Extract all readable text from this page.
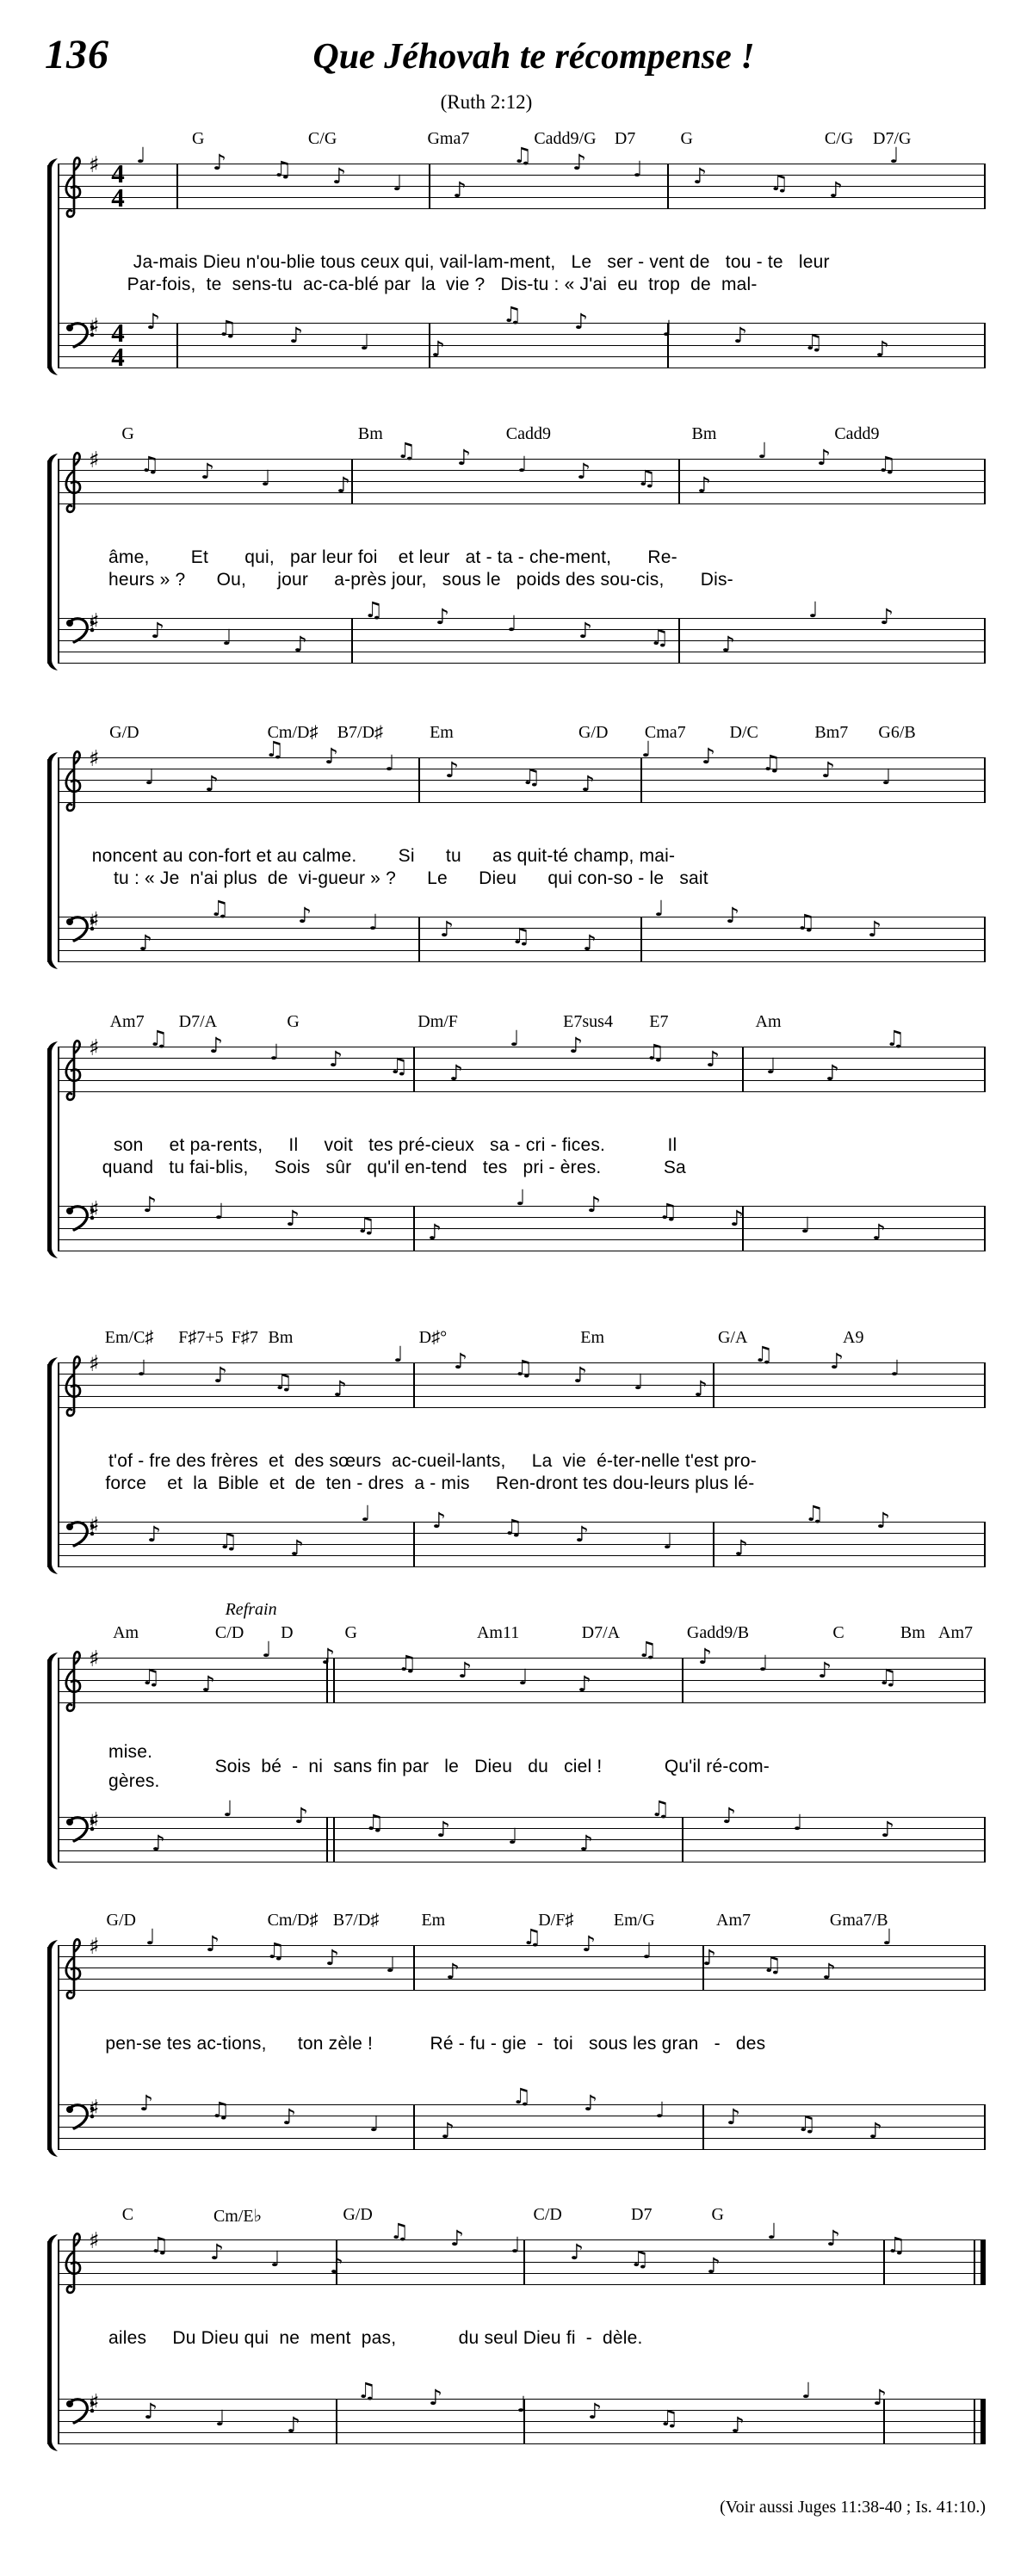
136	Que Jéhovah te récompense !
(Ruth 2:12)
G	C/G	Gma7	Cadd9/G D7	G	C/G D7/G
♯ 4
4
♩	♪ ♫ ♪ ♩ ♪
♫ ♪ ♩ ♪	♫ ♪
♩
Ja-mais Dieu n'ou-blie tous ceux qui, vail-lam-ment,   Le   ser - vent de   tou - te   leur
Par-fois,  te  sens-tu  ac-ca-blé par  la  vie ?   Dis-tu : « J'ai  eu  trop  de  mal-
♯ 4
4
♪	♫ ♪	♩	♪
♫ ♪	♩	♪	♫ ♪
G	Bm	Cadd9	Bm	Cadd9
♯ ♫ ♪ ♩	♪
♫ ♪ ♩ ♪ ♫ ♪
♩ ♪ ♫
âme,        Et       qui,   par leur foi    et leur   at - ta - che-ment,       Re-
heurs » ?      Ou,      jour     a-près jour,   sous le   poids des sou-cis,       Dis-
♯ ♪	♩	♪
♫ ♪	♩	♪	♫ ♪
♩	♪
G/D	Cm/D♯ B7/D♯	Em	G/D Cma7	D/C	Bm7 G6/B
♯
♩ ♪
♫ ♪ ♩ ♪	♫ ♪
♩ ♪ ♫ ♪ ♩
noncent au con-fort et au calme.        Si      tu      as quit-té champ, mai-
tu : « Je  n'ai plus  de  vi-gueur » ?      Le      Dieu      qui con-so - le   sait
♯
♪
♫	♪	♩	♪	♫ ♪
♩	♪	♫ ♪
Am7 D7/A	G	Dm/F	E7sus4 E7	Am
♯ ♫ ♪ ♩ ♪ ♫ ♪
♩ ♪	♫ ♪ ♩ ♪
♫
son     et pa-rents,     Il     voit   tes pré-cieux   sa - cri - fices.            Il
quand   tu fai-blis,     Sois   sûr   qu'il en-tend   tes   pri - ères.            Sa
♯ ♪	♩	♪	♫ ♪
♩	♪	♫ ♪	♩	♪
Em/C♯ F♯7+5 F♯7 Bm	D♯°	Em	G/A	A9
♯ ♩	♪ ♫ ♪
♩ ♪ ♫ ♪ ♩ ♪
♫	♪ ♩
t'of - fre des frères  et  des sœurs  ac-cueil-lants,     La  vie  é-ter-nelle t'est pro-
force    et  la  Bible  et  de  ten - dres  a - mis     Ren-dront tes dou-leurs plus lé-
♯ ♪	♫ ♪
♩	♪	♫ ♪	♩	♪
♫ ♪
Refrain
Am	C/D D	G	Am11	D7/A	Gadd9/B	C	Bm Am7
♯
♫ ♪
♩ ♪	♫ ♪ ♩ ♪
♫ ♪ ♩ ♪ ♫
mise.
Sois  bé  -  ni  sans fin par   le   Dieu   du   ciel !            Qu'il ré-com-
gères.
♯
♪
♩	♪	♫ ♪	♩	♪
♫ ♪	♩	♪
G/D	Cm/D♯ B7/D♯ Em	D/F♯ Em/G	Am7	Gma7/B
♯ ♩ ♪ ♫ ♪ ♩ ♪
♫ ♪ ♩ ♪ ♫ ♪
♩
pen-se tes ac-tions,      ton zèle !           Ré - fu - gie  -  toi   sous les gran   -   des
♯ ♪	♫ ♪	♩	♪
♫ ♪	♩	♪	♫ ♪
C	Cm/E♭	G/D	C/D	D7	G
♯ ♫ ♪ ♩ ♪
♫ ♪ ♩ ♪ ♫	♪
♩ ♪ ♫
ailes     Du Dieu qui  ne  ment  pas,            du seul Dieu fi  -  dèle.
♯ ♪	♩	♪
♫ ♪	♩	♪	♫ ♪
♩	♪
(Voir aussi Juges 11:38-40 ; Is. 41:10.)
